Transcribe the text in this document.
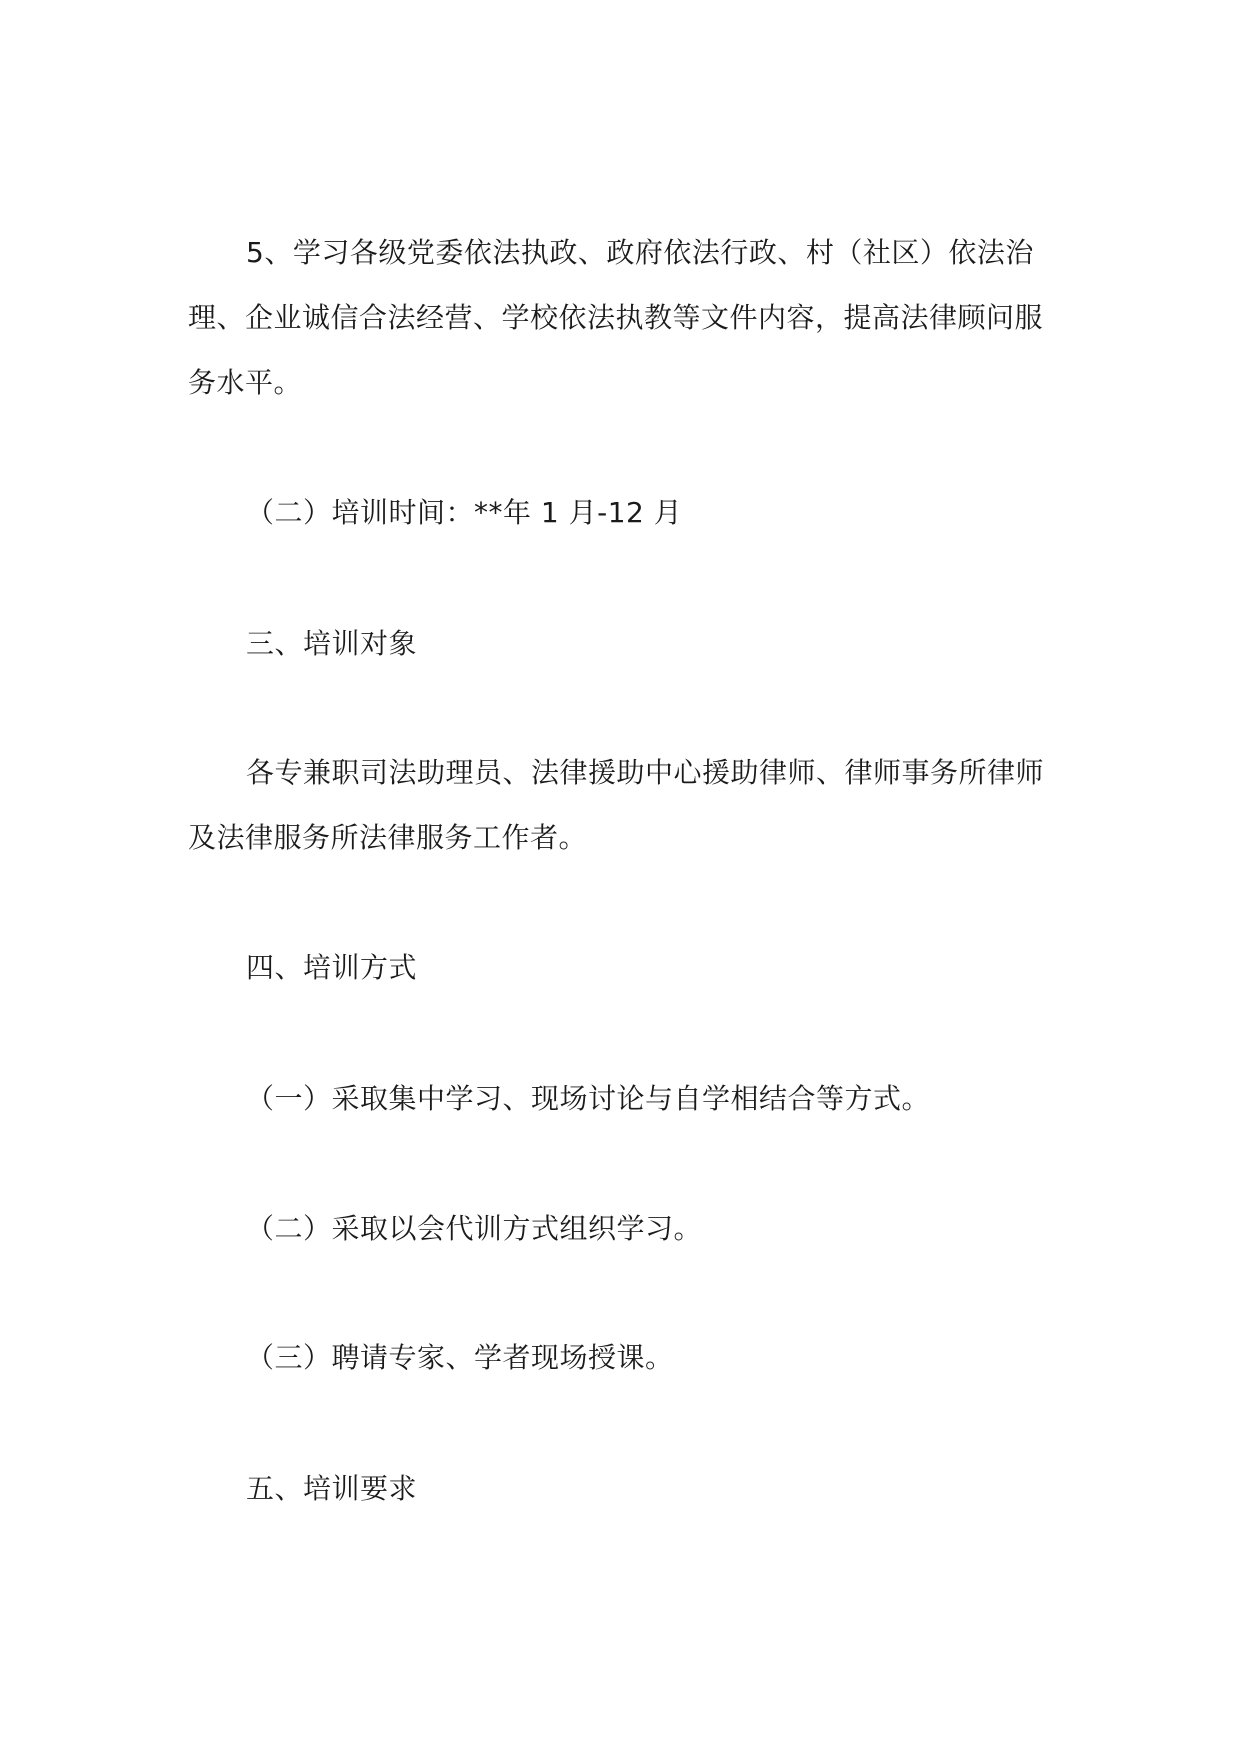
5、学习各级党委依法执政、政府依法行政、村（社区）依法治理、企业诚信合法经营、学校依法执教等文件内容，提高法律顾问服务水平。

（二）培训时间：**年 1 月-12 月

三、培训对象

各专兼职司法助理员、法律援助中心援助律师、律师事务所律师及法律服务所法律服务工作者。

四、培训方式

（一）采取集中学习、现场讨论与自学相结合等方式。

（二）采取以会代训方式组织学习。

（三）聘请专家、学者现场授课。

五、培训要求
